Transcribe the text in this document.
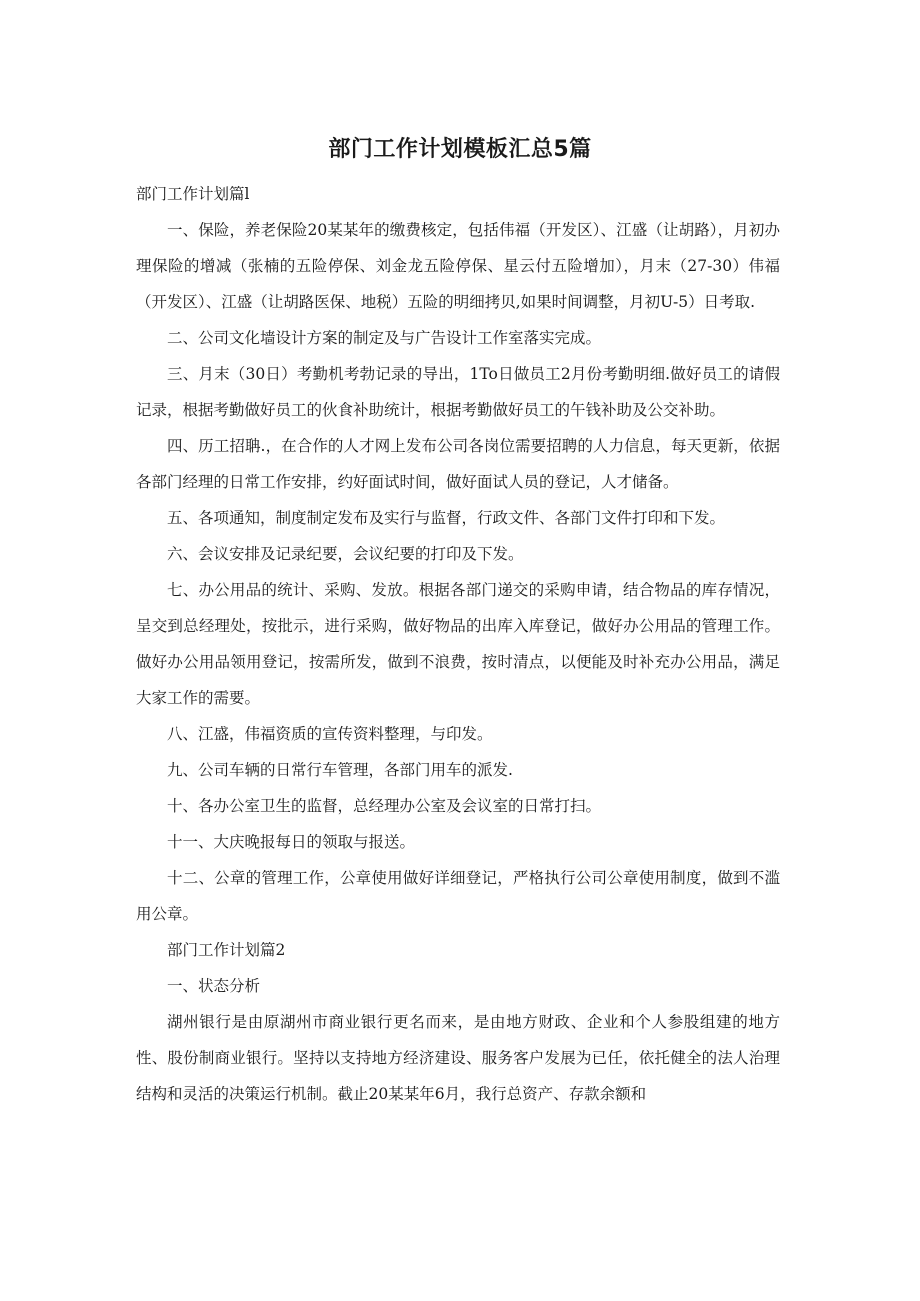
部门工作计划模板汇总5篇

部门工作计划篇l

一、保险，养老保险20某某年的缴费核定，包括伟福（开发区）、江盛（让胡路），月初办理保险的增减（张楠的五险停保、刘金龙五险停保、星云付五险增加），月末（27-30）伟福（开发区）、江盛（让胡路医保、地税）五险的明细拷贝,如果时间调整，月初U-5）日考取.

二、公司文化墙设计方案的制定及与广告设计工作室落实完成。

三、月末（30日）考勤机考勃记录的导出，1To日做员工2月份考勤明细.做好员工的请假记录，根据考勤做好员工的伙食补助统计，根据考勤做好员工的午钱补助及公交补助。

四、历工招聃.，在合作的人才网上发布公司各岗位需要招聘的人力信息，每天更新，依据各部门经理的日常工作安排，约好面试时间，做好面试人员的登记，人才储备。

五、各项通知，制度制定发布及实行与监督，行政文件、各部门文件打印和下发。

六、会议安排及记录纪要，会议纪要的打印及下发。

七、办公用品的统计、采购、发放。根据各部门递交的采购申请，结合物品的库存情况，呈交到总经理处，按批示，进行采购，做好物品的出库入库登记，做好办公用品的管理工作。做好办公用品领用登记，按需所发，做到不浪费，按时清点，以便能及时补充办公用品，满足大家工作的需要。

八、江盛，伟福资质的宣传资料整理，与印发。

九、公司车辆的日常行车管理，各部门用车的派发.

十、各办公室卫生的监督，总经理办公室及会议室的日常打扫。

十一、大庆晚报每日的领取与报送。

十二、公章的管理工作，公章使用做好详细登记，严格执行公司公章使用制度，做到不滥用公章。

部门工作计划篇2

一、状态分析

湖州银行是由原湖州市商业银行更名而来，是由地方财政、企业和个人参股组建的地方性、股份制商业银行。坚持以支持地方经济建设、服务客户发展为已任，依托健全的法人治理结构和灵活的决策运行机制。截止20某某年6月，我行总资产、存款余额和
